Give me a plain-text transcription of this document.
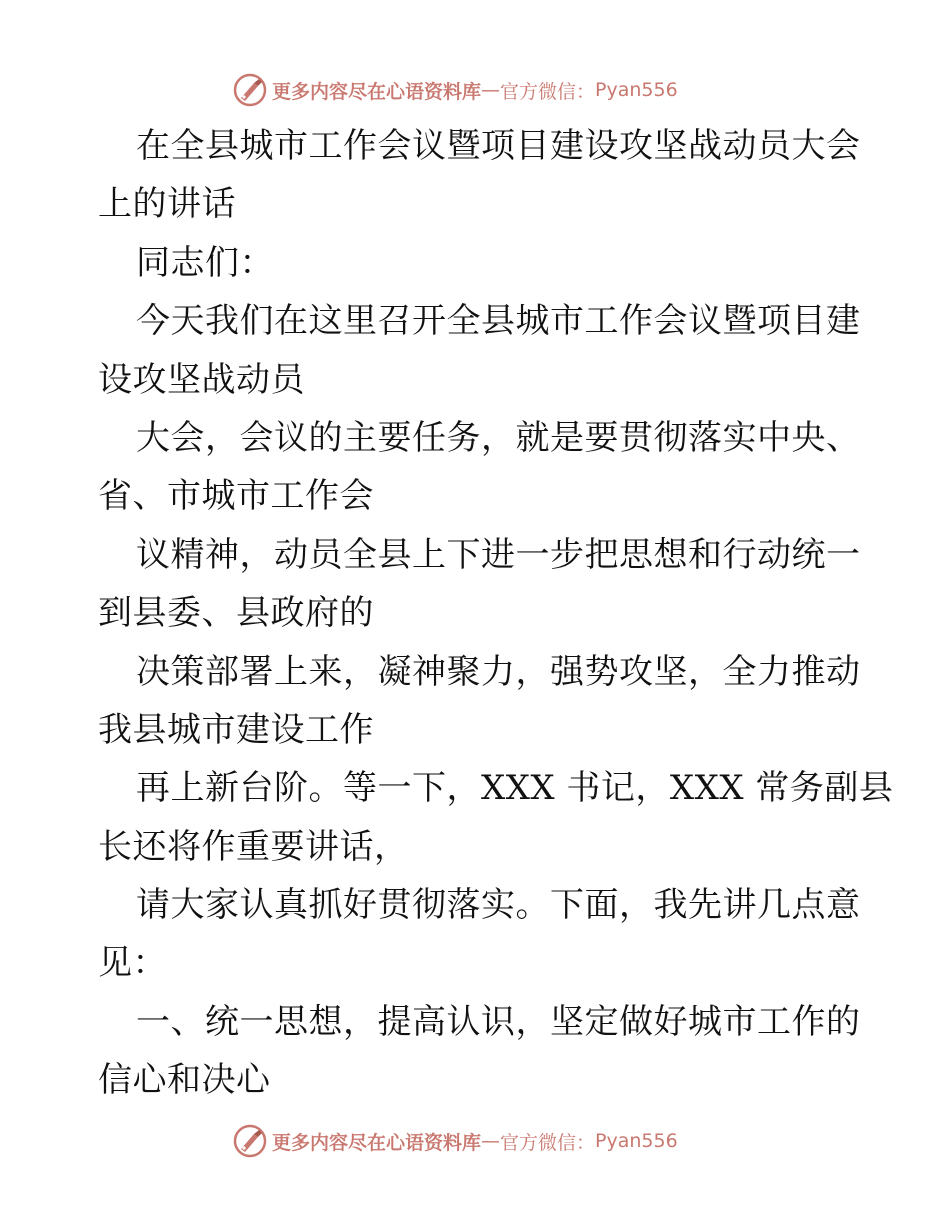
更多内容尽在心语资料库 — 官方微信： Pyan556
在全县城市工作会议暨项目建设攻坚战动员大会
上的讲话
同志们：
今天我们在这里召开全县城市工作会议暨项目建
设攻坚战动员
大会，会议的主要任务，就是要贯彻落实中央、
省、市城市工作会
议精神，动员全县上下进一步把思想和行动统一
到县委、县政府的
决策部署上来，凝神聚力，强势攻坚，全力推动
我县城市建设工作
再上新台阶。等一下，XXX 书记，XXX 常务副县
长还将作重要讲话，
请大家认真抓好贯彻落实。下面，我先讲几点意
见：
一、统一思想，提高认识，坚定做好城市工作的
信心和决心
更多内容尽在心语资料库 — 官方微信： Pyan556
